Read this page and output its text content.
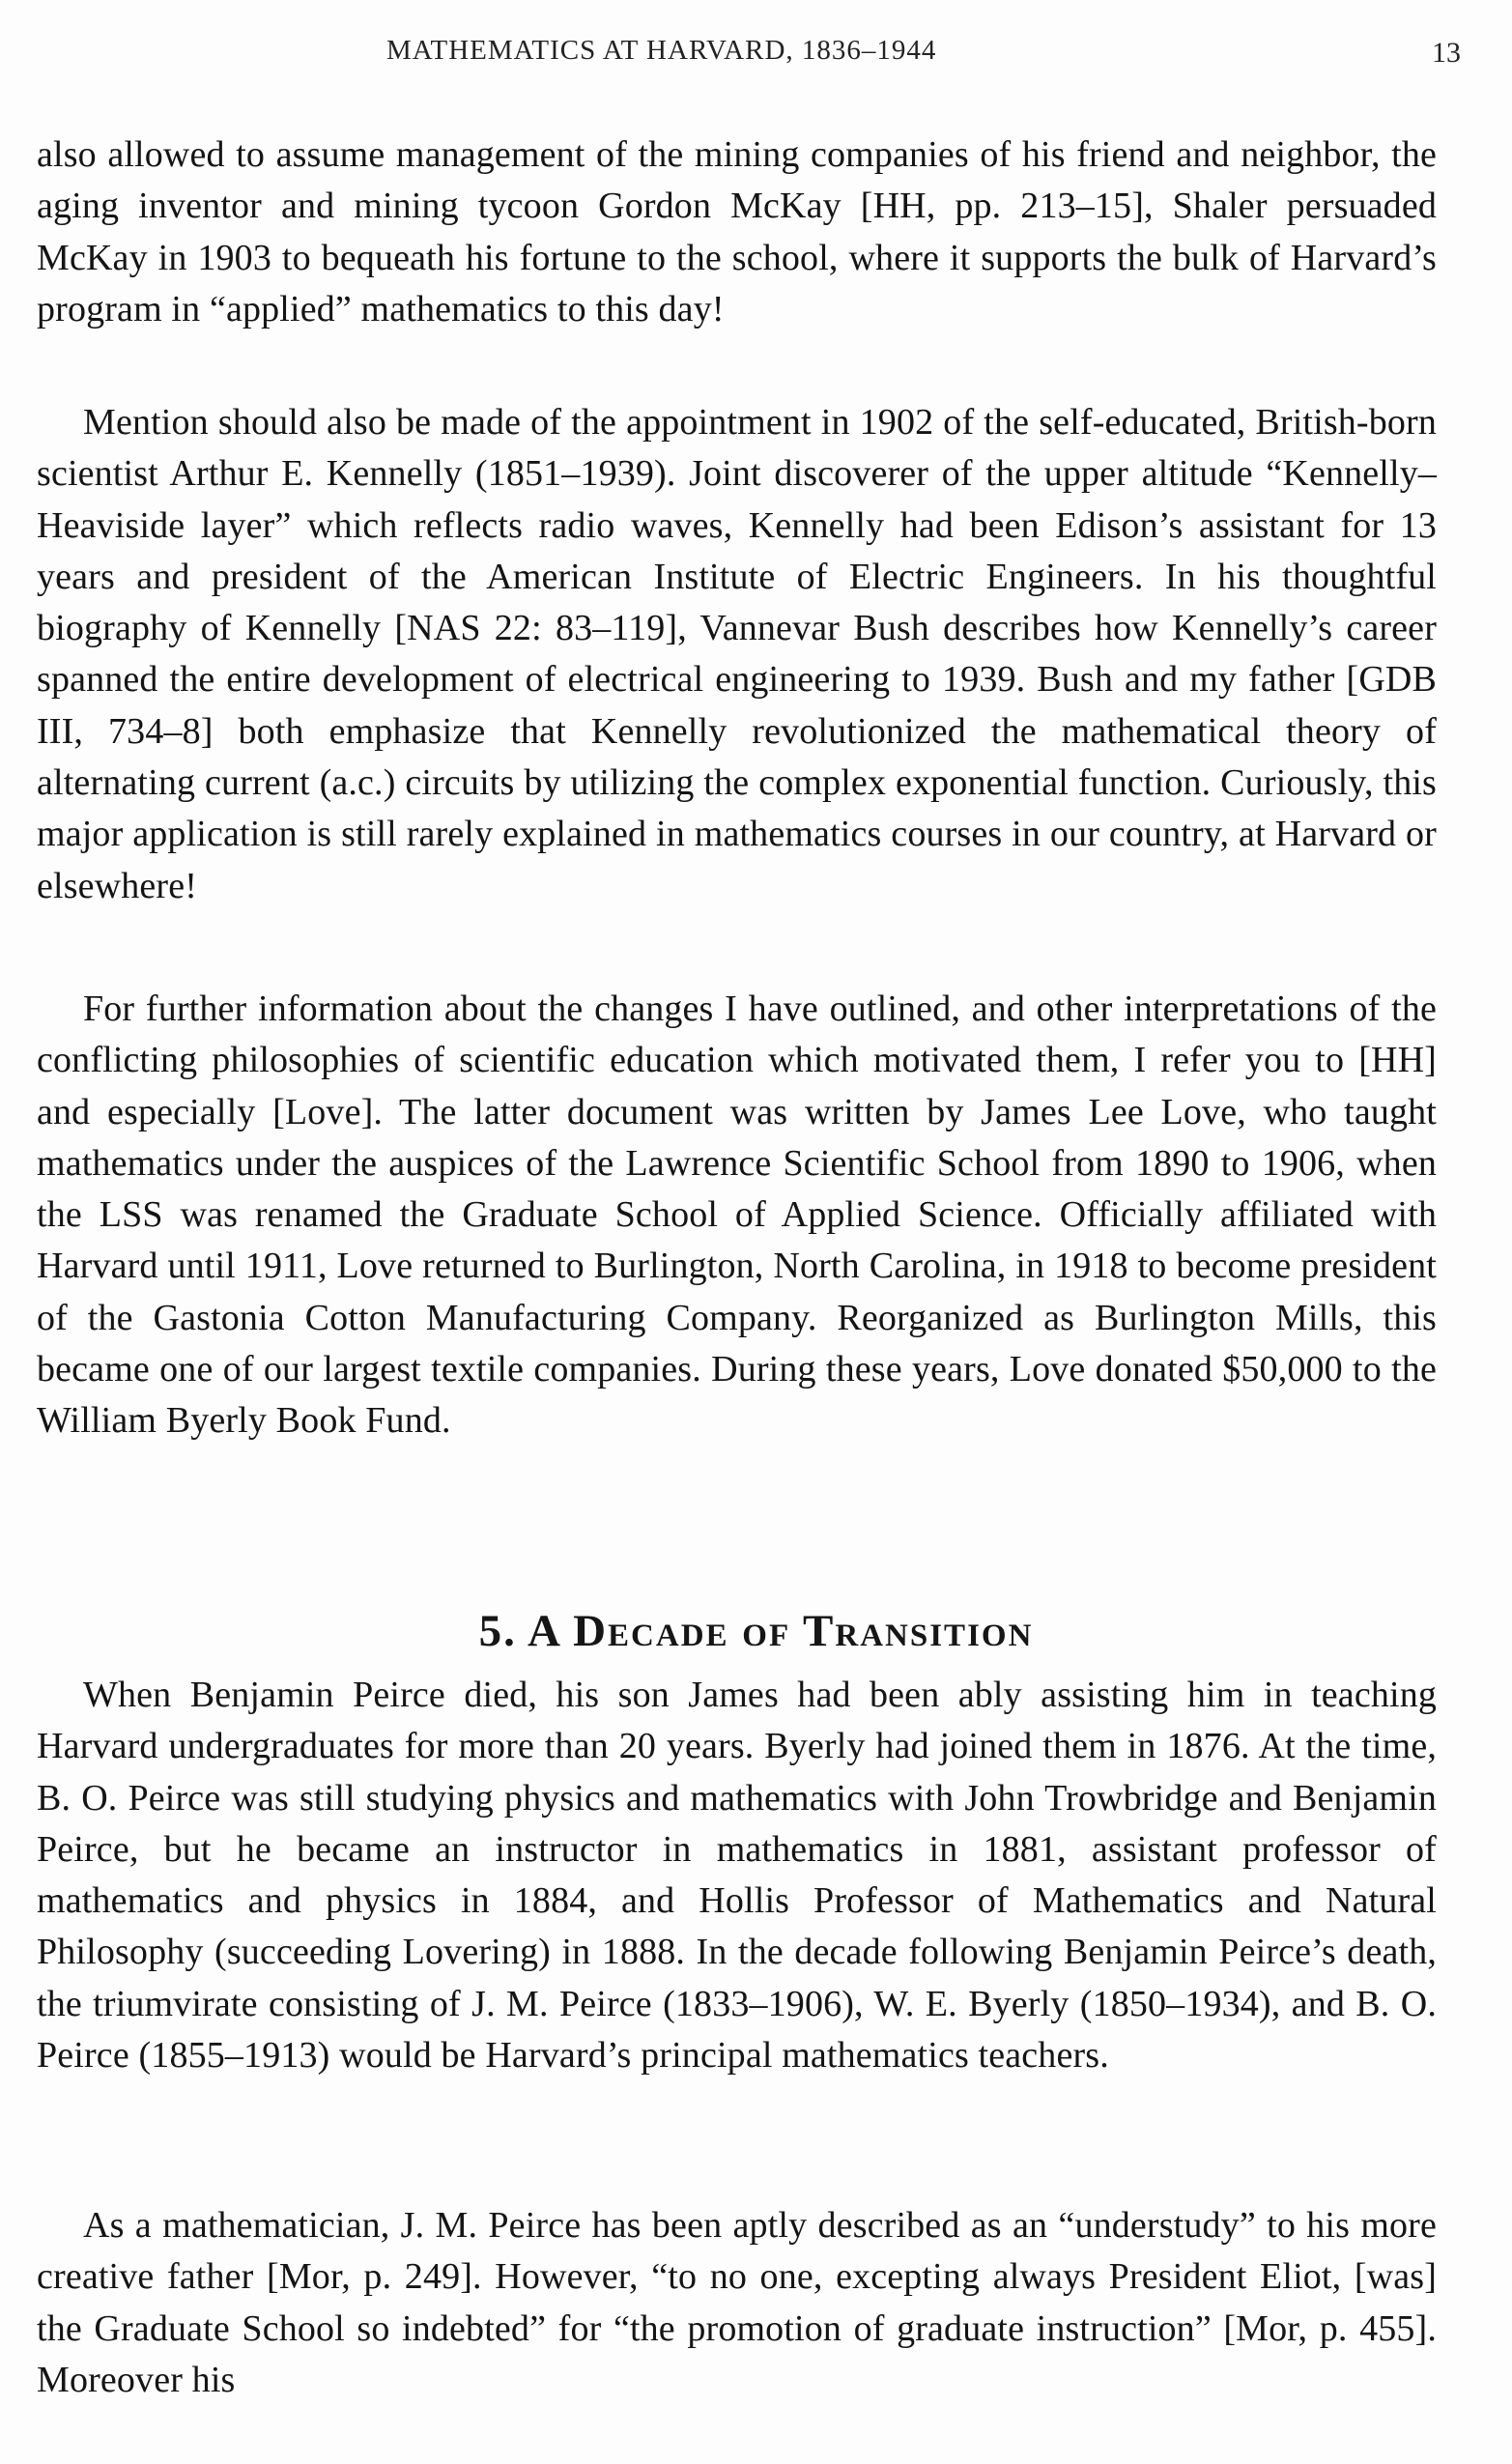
MATHEMATICS AT HARVARD, 1836–1944	13

also allowed to assume management of the mining companies of his friend and neighbor, the aging inventor and mining tycoon Gordon McKay [HH, pp. 213–15], Shaler persuaded McKay in 1903 to bequeath his fortune to the school, where it supports the bulk of Harvard’s program in “applied” mathematics to this day!

Mention should also be made of the appointment in 1902 of the self-educated, British-born scientist Arthur E. Kennelly (1851–1939). Joint discoverer of the upper altitude “Kennelly–Heaviside layer” which reflects radio waves, Kennelly had been Edison’s assistant for 13 years and president of the American Institute of Electric Engineers. In his thoughtful biography of Kennelly [NAS 22: 83–119], Vannevar Bush describes how Kennelly’s career spanned the entire development of electrical engineering to 1939. Bush and my father [GDB III, 734–8] both emphasize that Kennelly revolutionized the mathematical theory of alternating current (a.c.) circuits by utilizing the complex exponential function. Curiously, this major application is still rarely explained in mathematics courses in our country, at Harvard or elsewhere!

For further information about the changes I have outlined, and other interpretations of the conflicting philosophies of scientific education which motivated them, I refer you to [HH] and especially [Love]. The latter document was written by James Lee Love, who taught mathematics under the auspices of the Lawrence Scientific School from 1890 to 1906, when the LSS was renamed the Graduate School of Applied Science. Officially affiliated with Harvard until 1911, Love returned to Burlington, North Carolina, in 1918 to become president of the Gastonia Cotton Manufacturing Company. Reorganized as Burlington Mills, this became one of our largest textile companies. During these years, Love donated $50,000 to the William Byerly Book Fund.

5. A Decade of Transition

When Benjamin Peirce died, his son James had been ably assisting him in teaching Harvard undergraduates for more than 20 years. Byerly had joined them in 1876. At the time, B. O. Peirce was still studying physics and mathematics with John Trowbridge and Benjamin Peirce, but he became an instructor in mathematics in 1881, assistant professor of mathematics and physics in 1884, and Hollis Professor of Mathematics and Natural Philosophy (succeeding Lovering) in 1888. In the decade following Benjamin Peirce’s death, the triumvirate consisting of J. M. Peirce (1833–1906), W. E. Byerly (1850–1934), and B. O. Peirce (1855–1913) would be Harvard’s principal mathematics teachers.

As a mathematician, J. M. Peirce has been aptly described as an “understudy” to his more creative father [Mor, p. 249]. However, “to no one, excepting always President Eliot, [was] the Graduate School so indebted” for “the promotion of graduate instruction” [Mor, p. 455]. Moreover his
